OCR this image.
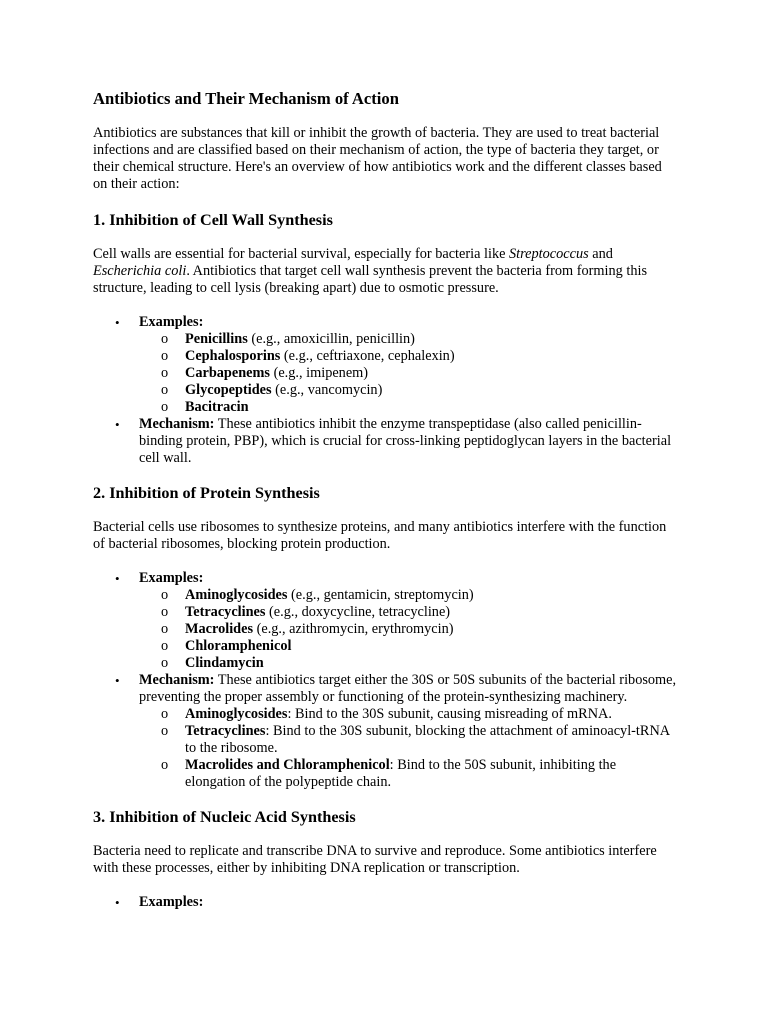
Antibiotics and Their Mechanism of Action

Antibiotics are substances that kill or inhibit the growth of bacteria. They are used to treat bacterial infections and are classified based on their mechanism of action, the type of bacteria they target, or their chemical structure. Here's an overview of how antibiotics work and the different classes based on their action:

1. Inhibition of Cell Wall Synthesis

Cell walls are essential for bacterial survival, especially for bacteria like Streptococcus and Escherichia coli. Antibiotics that target cell wall synthesis prevent the bacteria from forming this structure, leading to cell lysis (breaking apart) due to osmotic pressure.

• Examples:
o Penicillins (e.g., amoxicillin, penicillin)
o Cephalosporins (e.g., ceftriaxone, cephalexin)
o Carbapenems (e.g., imipenem)
o Glycopeptides (e.g., vancomycin)
o Bacitracin
• Mechanism: These antibiotics inhibit the enzyme transpeptidase (also called penicillin-binding protein, PBP), which is crucial for cross-linking peptidoglycan layers in the bacterial cell wall.
2. Inhibition of Protein Synthesis

Bacterial cells use ribosomes to synthesize proteins, and many antibiotics interfere with the function of bacterial ribosomes, blocking protein production.

• Examples:
o Aminoglycosides (e.g., gentamicin, streptomycin)
o Tetracyclines (e.g., doxycycline, tetracycline)
o Macrolides (e.g., azithromycin, erythromycin)
o Chloramphenicol
o Clindamycin
• Mechanism: These antibiotics target either the 30S or 50S subunits of the bacterial ribosome, preventing the proper assembly or functioning of the protein-synthesizing machinery.
o Aminoglycosides: Bind to the 30S subunit, causing misreading of mRNA.
o Tetracyclines: Bind to the 30S subunit, blocking the attachment of aminoacyl-tRNA to the ribosome.
o Macrolides and Chloramphenicol: Bind to the 50S subunit, inhibiting the elongation of the polypeptide chain.
3. Inhibition of Nucleic Acid Synthesis

Bacteria need to replicate and transcribe DNA to survive and reproduce. Some antibiotics interfere with these processes, either by inhibiting DNA replication or transcription.

• Examples:
